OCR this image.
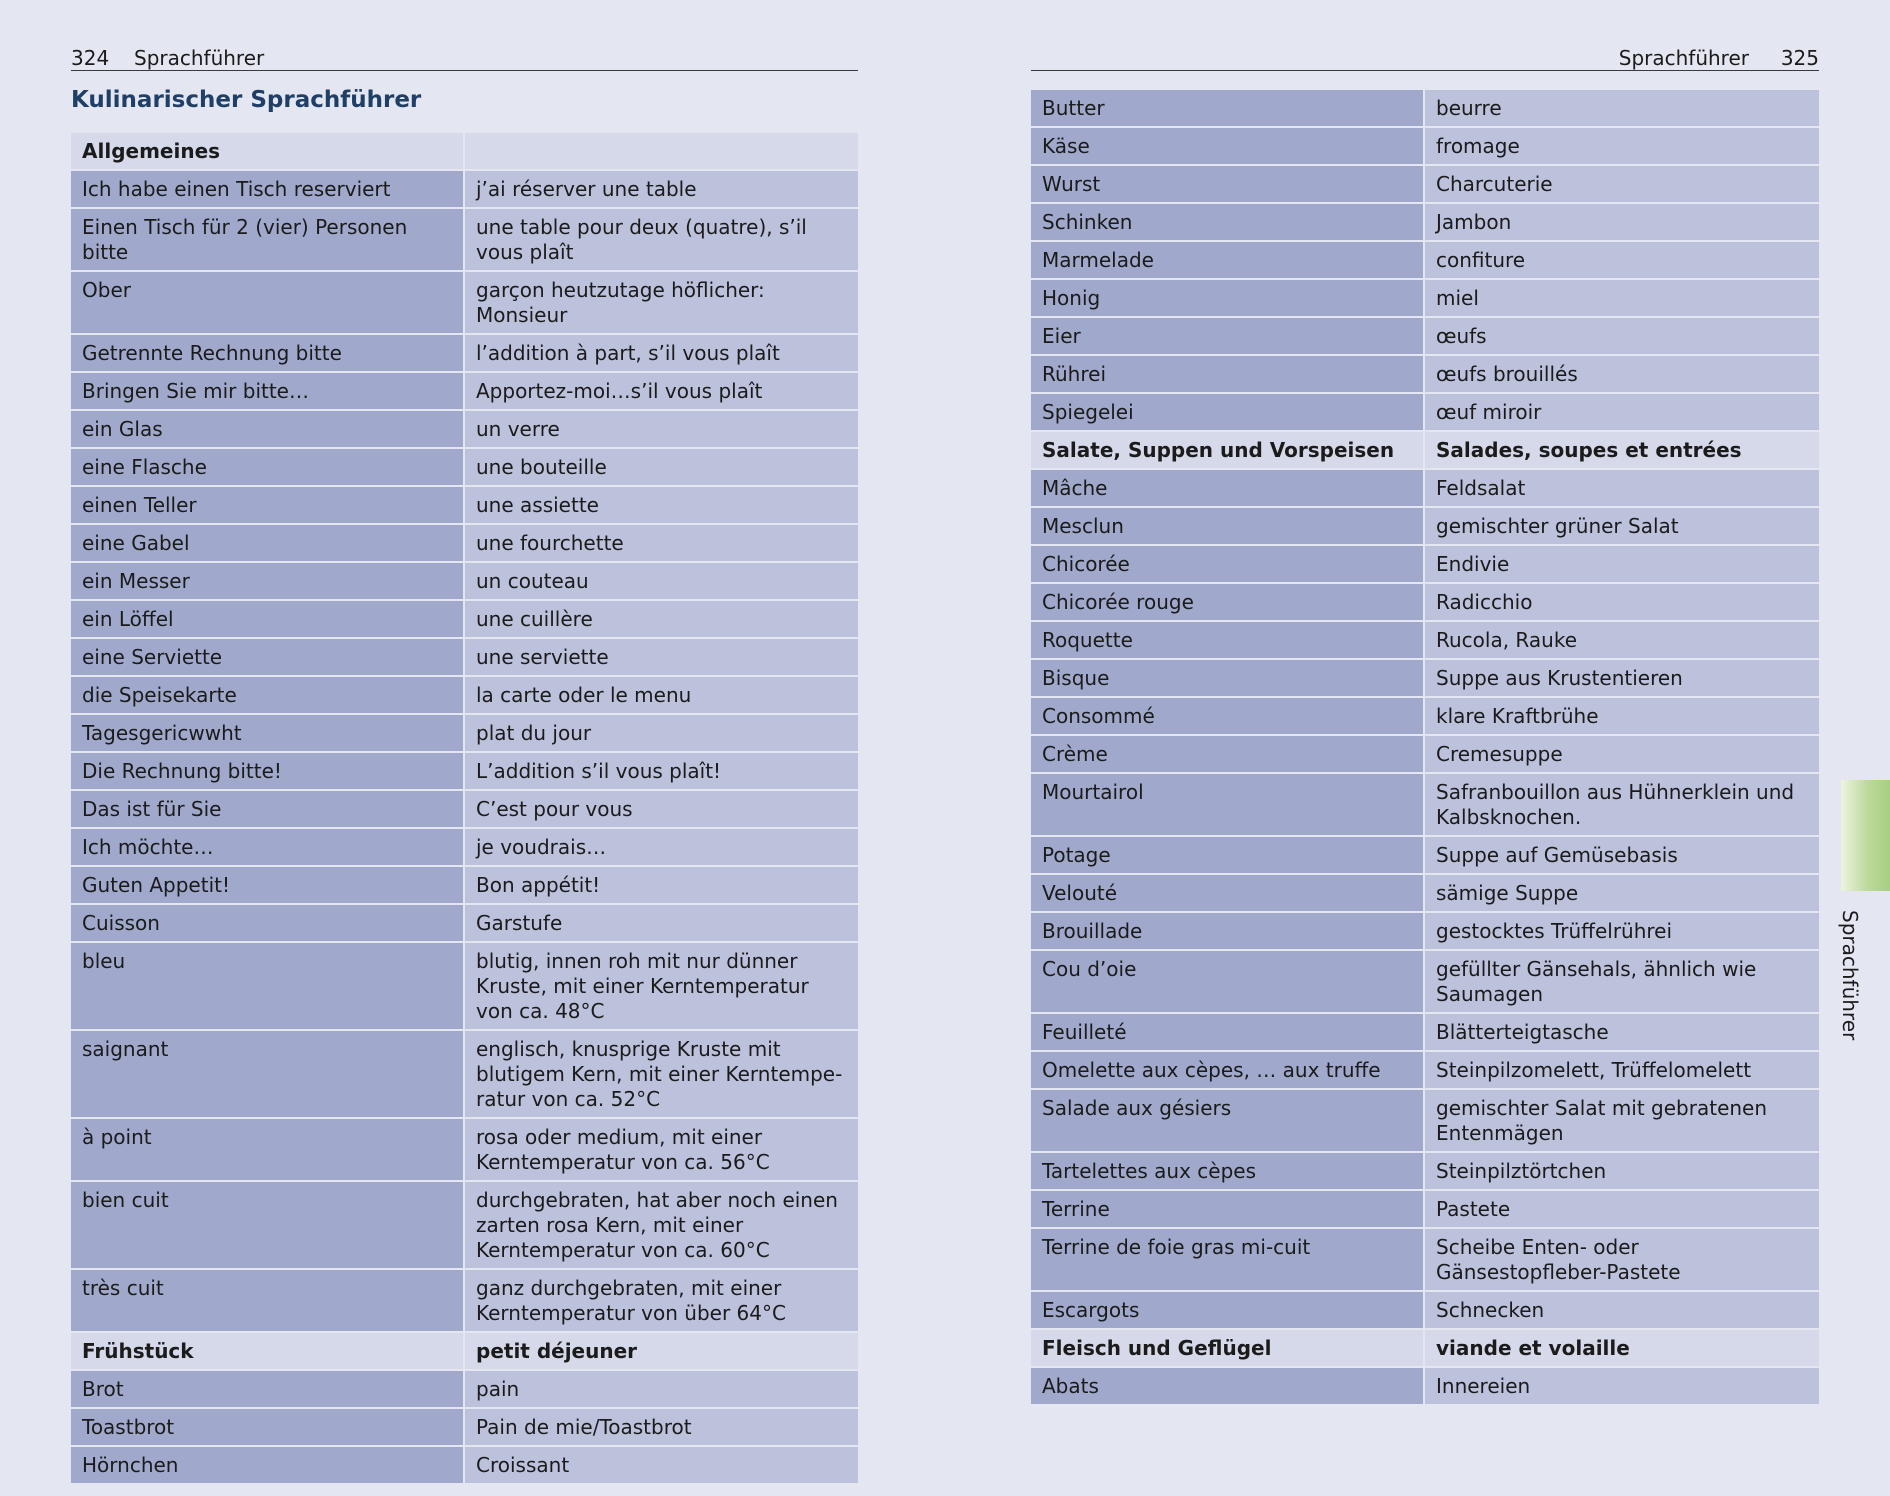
324 Sprachführer
Kulinarischer Sprachführer
Allgemeines	
Ich habe einen Tisch reserviert	j’ai réserver une table
Einen Tisch für 2 (vier) Personen bitte	une table pour deux (quatre), s’il vous plaît
Ober	garçon heutzutage höflicher: Monsieur
Getrennte Rechnung bitte	l’addition à part, s’il vous plaît
Bringen Sie mir bitte…	Apportez-moi…s’il vous plaît
ein Glas	un verre
eine Flasche	une bouteille
einen Teller	une assiette
eine Gabel	une fourchette
ein Messer	un couteau
ein Löffel	une cuillère
eine Serviette	une serviette
die Speisekarte	la carte oder le menu
Tagesgericwwht	plat du jour
Die Rechnung bitte!	L’addition s’il vous plaît!
Das ist für Sie	C’est pour vous
Ich möchte…	je voudrais…
Guten Appetit!	Bon appétit!
Cuisson	Garstufe
bleu	blutig, innen roh mit nur dünner Kruste, mit einer Kerntemperatur von ca. 48°C
saignant	englisch, knusprige Kruste mit blutigem Kern, mit einer Kerntemperatur von ca. 52°C
à point	rosa oder medium, mit einer Kerntemperatur von ca. 56°C
bien cuit	durchgebraten, hat aber noch einen zarten rosa Kern, mit einer Kerntemperatur von ca. 60°C
très cuit	ganz durchgebraten, mit einer Kerntemperatur von über 64°C
Frühstück	petit déjeuner
Brot	pain
Toastbrot	Pain de mie/Toastbrot
Hörnchen	Croissant
Sprachführer 325
Butter	beurre
Käse	fromage
Wurst	Charcuterie
Schinken	Jambon
Marmelade	confiture
Honig	miel
Eier	œufs
Rührei	œufs brouillés
Spiegelei	œuf miroir
Salate, Suppen und Vorspeisen	Salades, soupes et entrées
Mâche	Feldsalat
Mesclun	gemischter grüner Salat
Chicorée	Endivie
Chicorée rouge	Radicchio
Roquette	Rucola, Rauke
Bisque	Suppe aus Krustentieren
Consommé	klare Kraftbrühe
Crème	Cremesuppe
Mourtairol	Safranbouillon aus Hühnerklein und Kalbsknochen.
Potage	Suppe auf Gemüsebasis
Velouté	sämige Suppe
Brouillade	gestocktes Trüffelrührei
Cou d’oie	gefüllter Gänsehals, ähnlich wie Saumagen
Feuilleté	Blätterteigtasche
Omelette aux cèpes, … aux truffe	Steinpilzomelett, Trüffelomelett
Salade aux gésiers	gemischter Salat mit gebratenen Entenmägen
Tartelettes aux cèpes	Steinpilztörtchen
Terrine	Pastete
Terrine de foie gras mi-cuit	Scheibe Enten- oder Gänsestopfleber-Pastete
Escargots	Schnecken
Fleisch und Geflügel	viande et volaille
Abats	Innereien
Sprachführer
